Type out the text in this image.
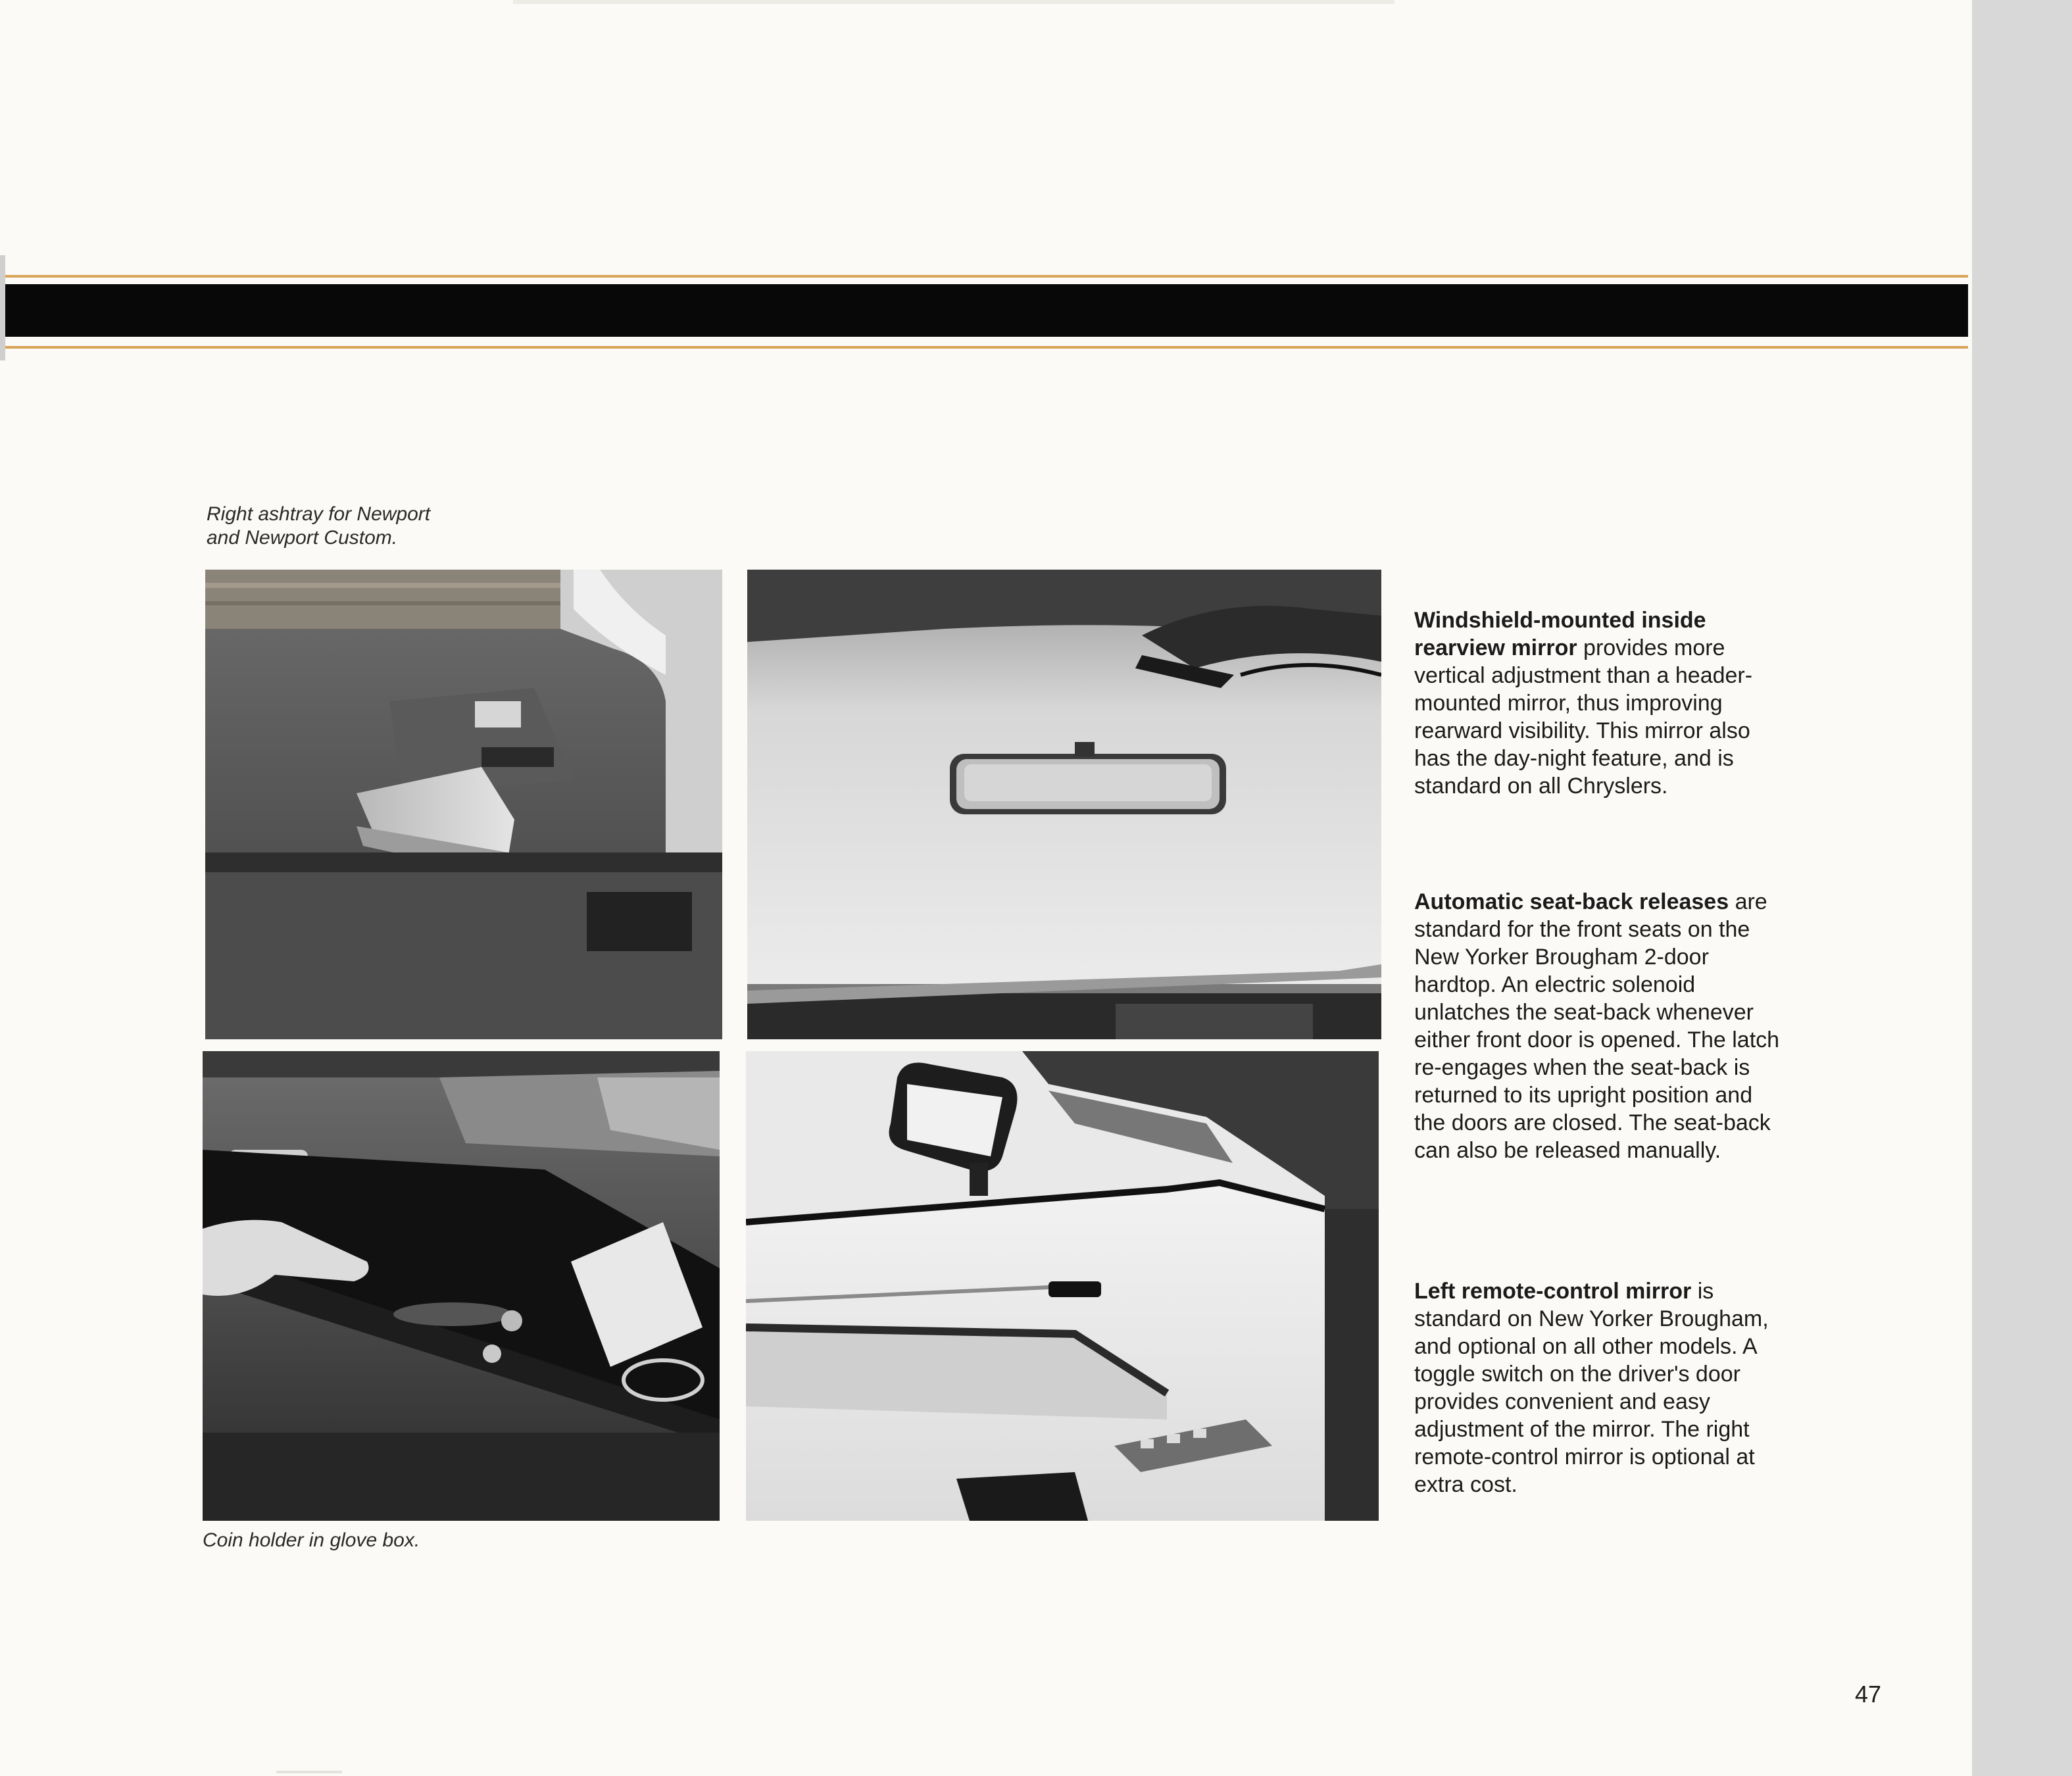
Right ashtray for Newport
and Newport Custom.

Coin holder in glove box.

Windshield-mounted inside rearview mirror provides more vertical adjustment than a header-mounted mirror, thus improving rearward visibility. This mirror also has the day-night feature, and is standard on all Chryslers.

Automatic seat-back releases are standard for the front seats on the New Yorker Brougham 2-door hardtop. An electric solenoid unlatches the seat-back whenever either front door is opened. The latch re-engages when the seat-back is returned to its upright position and the doors are closed. The seat-back can also be released manually.

Left remote-control mirror is standard on New Yorker Brougham, and optional on all other models. A toggle switch on the driver's door provides convenient and easy adjustment of the mirror. The right remote-control mirror is optional at extra cost.

47
